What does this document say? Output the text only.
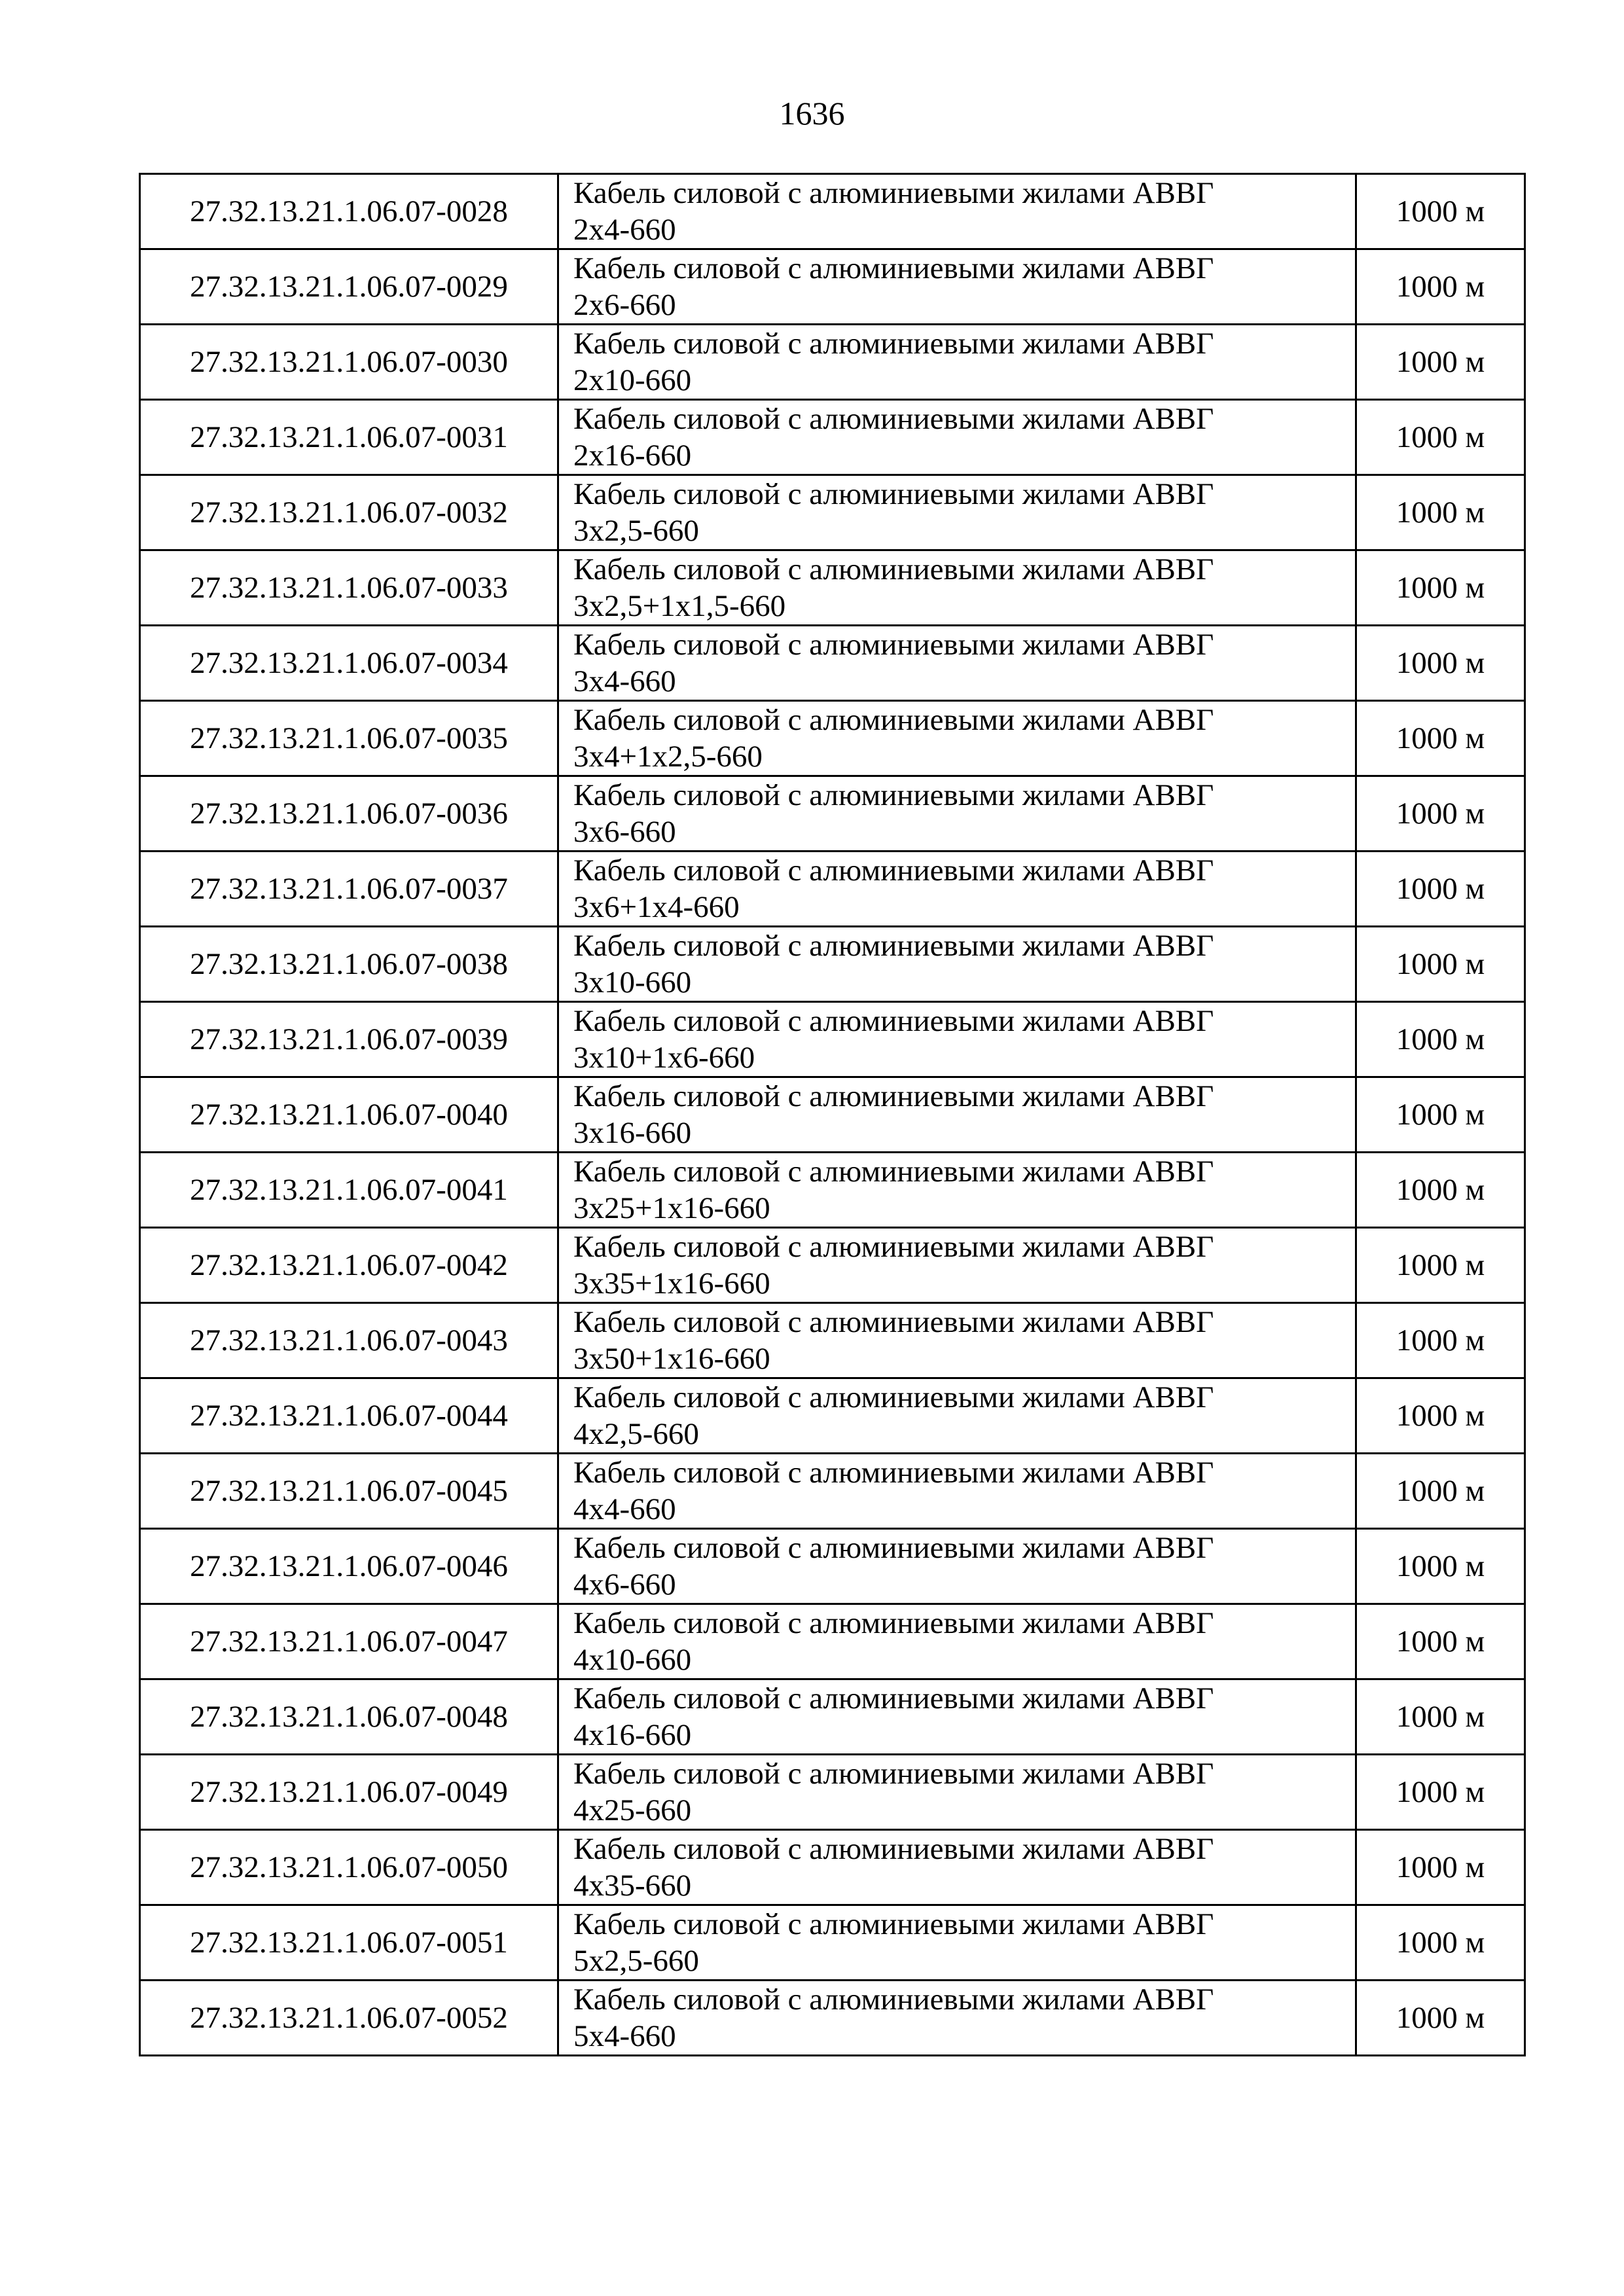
1636
27.32.13.21.1.06.07-0028	Кабель силовой с алюминиевыми жилами АВВГ
2х4-660	1000 м
27.32.13.21.1.06.07-0029	Кабель силовой с алюминиевыми жилами АВВГ
2х6-660	1000 м
27.32.13.21.1.06.07-0030	Кабель силовой с алюминиевыми жилами АВВГ
2х10-660	1000 м
27.32.13.21.1.06.07-0031	Кабель силовой с алюминиевыми жилами АВВГ
2х16-660	1000 м
27.32.13.21.1.06.07-0032	Кабель силовой с алюминиевыми жилами АВВГ
3х2,5-660	1000 м
27.32.13.21.1.06.07-0033	Кабель силовой с алюминиевыми жилами АВВГ
3х2,5+1х1,5-660	1000 м
27.32.13.21.1.06.07-0034	Кабель силовой с алюминиевыми жилами АВВГ
3х4-660	1000 м
27.32.13.21.1.06.07-0035	Кабель силовой с алюминиевыми жилами АВВГ
3х4+1х2,5-660	1000 м
27.32.13.21.1.06.07-0036	Кабель силовой с алюминиевыми жилами АВВГ
3х6-660	1000 м
27.32.13.21.1.06.07-0037	Кабель силовой с алюминиевыми жилами АВВГ
3х6+1х4-660	1000 м
27.32.13.21.1.06.07-0038	Кабель силовой с алюминиевыми жилами АВВГ
3х10-660	1000 м
27.32.13.21.1.06.07-0039	Кабель силовой с алюминиевыми жилами АВВГ
3х10+1х6-660	1000 м
27.32.13.21.1.06.07-0040	Кабель силовой с алюминиевыми жилами АВВГ
3х16-660	1000 м
27.32.13.21.1.06.07-0041	Кабель силовой с алюминиевыми жилами АВВГ
3х25+1х16-660	1000 м
27.32.13.21.1.06.07-0042	Кабель силовой с алюминиевыми жилами АВВГ
3х35+1х16-660	1000 м
27.32.13.21.1.06.07-0043	Кабель силовой с алюминиевыми жилами АВВГ
3х50+1х16-660	1000 м
27.32.13.21.1.06.07-0044	Кабель силовой с алюминиевыми жилами АВВГ
4х2,5-660	1000 м
27.32.13.21.1.06.07-0045	Кабель силовой с алюминиевыми жилами АВВГ
4х4-660	1000 м
27.32.13.21.1.06.07-0046	Кабель силовой с алюминиевыми жилами АВВГ
4х6-660	1000 м
27.32.13.21.1.06.07-0047	Кабель силовой с алюминиевыми жилами АВВГ
4х10-660	1000 м
27.32.13.21.1.06.07-0048	Кабель силовой с алюминиевыми жилами АВВГ
4х16-660	1000 м
27.32.13.21.1.06.07-0049	Кабель силовой с алюминиевыми жилами АВВГ
4х25-660	1000 м
27.32.13.21.1.06.07-0050	Кабель силовой с алюминиевыми жилами АВВГ
4х35-660	1000 м
27.32.13.21.1.06.07-0051	Кабель силовой с алюминиевыми жилами АВВГ
5х2,5-660	1000 м
27.32.13.21.1.06.07-0052	Кабель силовой с алюминиевыми жилами АВВГ
5х4-660	1000 м
